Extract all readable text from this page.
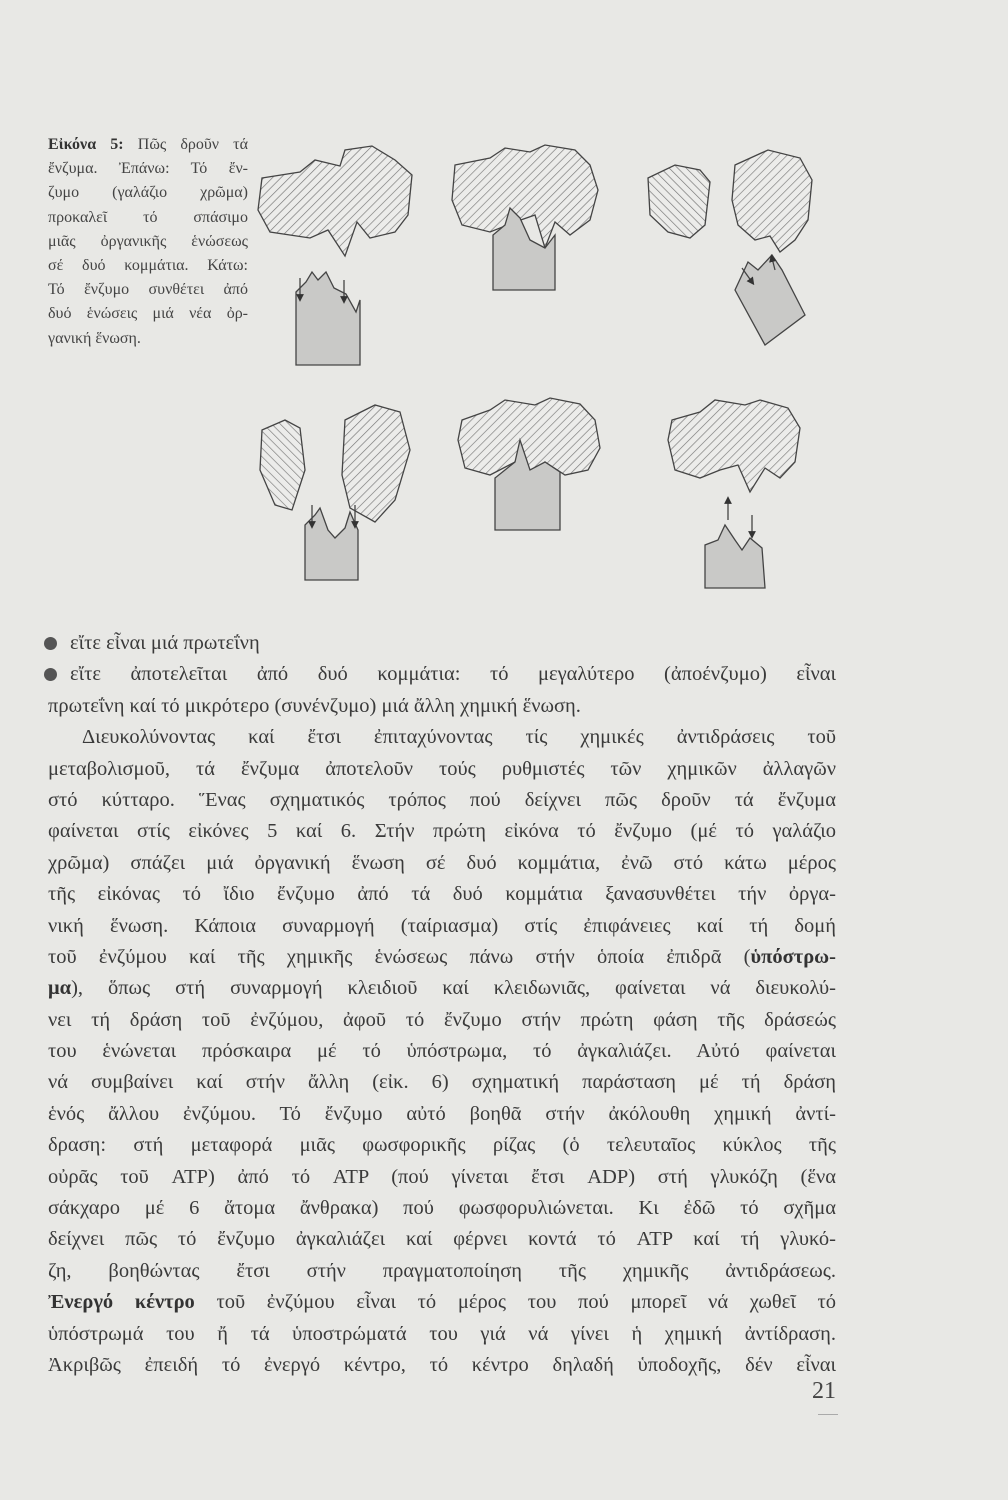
Εἰκόνα 5: Πῶς δροῦν τά
ἔνζυμα. Ἐπάνω: Τό ἔν-
ζυμο (γαλάζιο χρῶμα)
προκαλεῖ τό σπάσιμο
μιᾶς ὀργανικῆς ἑνώσεως
σέ δυό κομμάτια. Κάτω:
Τό ἔνζυμο συνθέτει ἀπό
δυό ἑνώσεις μιά νέα ὀρ-
γανική ἕνωση.
εἴτε εἶναι μιά πρωτεΐνη
εἴτε ἀποτελεῖται ἀπό δυό κομμάτια: τό μεγαλύτερο (ἀποένζυμο) εἶναι
πρωτεΐνη καί τό μικρότερο (συνένζυμο) μιά ἄλλη χημική ἕνωση.
Διευκολύνοντας καί ἔτσι ἐπιταχύνοντας τίς χημικές ἀντιδράσεις τοῦ
μεταβολισμοῦ, τά ἔνζυμα ἀποτελοῦν τούς ρυθμιστές τῶν χημικῶν ἀλλαγῶν
στό κύτταρο. Ἕνας σχηματικός τρόπος πού δείχνει πῶς δροῦν τά ἔνζυμα
φαίνεται στίς εἰκόνες 5 καί 6. Στήν πρώτη εἰκόνα τό ἔνζυμο (μέ τό γαλάζιο
χρῶμα) σπάζει μιά ὀργανική ἕνωση σέ δυό κομμάτια, ἐνῶ στό κάτω μέρος
τῆς εἰκόνας τό ἴδιο ἔνζυμο ἀπό τά δυό κομμάτια ξανασυνθέτει τήν ὀργα-
νική ἕνωση. Κάποια συναρμογή (ταίριασμα) στίς ἐπιφάνειες καί τή δομή
τοῦ ἐνζύμου καί τῆς χημικῆς ἑνώσεως πάνω στήν ὁποία ἐπιδρᾶ (ὑπόστρω-
μα), ὅπως στή συναρμογή κλειδιοῦ καί κλειδωνιᾶς, φαίνεται νά διευκολύ-
νει τή δράση τοῦ ἐνζύμου, ἀφοῦ τό ἔνζυμο στήν πρώτη φάση τῆς δράσεώς
του ἑνώνεται πρόσκαιρα μέ τό ὑπόστρωμα, τό ἀγκαλιάζει. Αὐτό φαίνεται
νά συμβαίνει καί στήν ἄλλη (εἰκ. 6) σχηματική παράσταση μέ τή δράση
ἑνός ἄλλου ἐνζύμου. Τό ἔνζυμο αὐτό βοηθᾶ στήν ἀκόλουθη χημική ἀντί-
δραση: στή μεταφορά μιᾶς φωσφορικῆς ρίζας (ὁ τελευταῖος κύκλος τῆς
οὐρᾶς τοῦ ATP) ἀπό τό ATP (πού γίνεται ἔτσι ADP) στή γλυκόζη (ἕνα
σάκχαρο μέ 6 ἄτομα ἄνθρακα) πού φωσφορυλιώνεται. Κι ἐδῶ τό σχῆμα
δείχνει πῶς τό ἔνζυμο ἀγκαλιάζει καί φέρνει κοντά τό ATP καί τή γλυκό-
ζη, βοηθώντας ἔτσι στήν πραγματοποίηση τῆς χημικῆς ἀντιδράσεως.
Ἐνεργό κέντρο τοῦ ἐνζύμου εἶναι τό μέρος του πού μπορεῖ νά χωθεῖ τό
ὑπόστρωμά του ἤ τά ὑποστρώματά του γιά νά γίνει ἡ χημική ἀντίδραση.
Ἀκριβῶς ἐπειδή τό ἐνεργό κέντρο, τό κέντρο δηλαδή ὑποδοχῆς, δέν εἶναι
21
